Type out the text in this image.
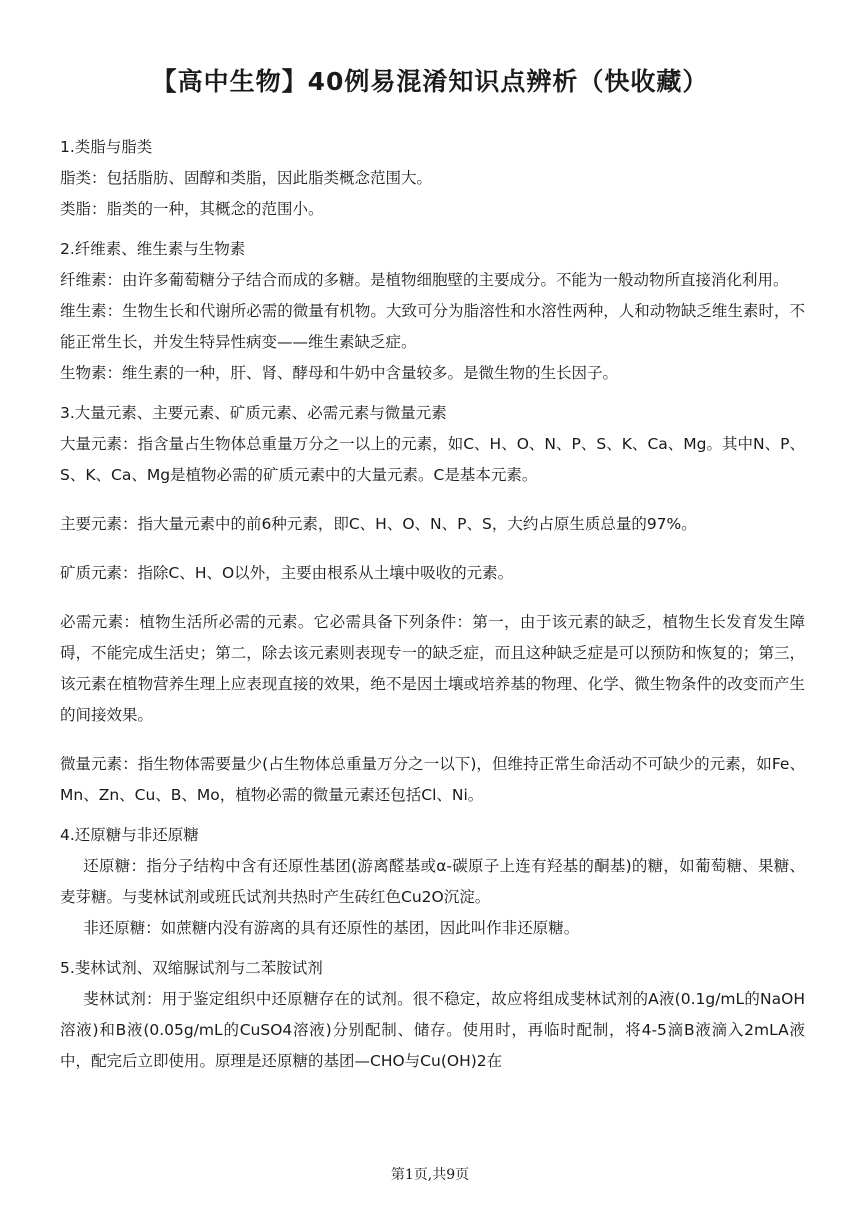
【高中生物】40例易混淆知识点辨析（快收藏）

1.类脂与脂类

脂类：包括脂肪、固醇和类脂，因此脂类概念范围大。

类脂：脂类的一种，其概念的范围小。

2.纤维素、维生素与生物素

纤维素：由许多葡萄糖分子结合而成的多糖。是植物细胞壁的主要成分。不能为一般动物所直接消化利用。

维生素：生物生长和代谢所必需的微量有机物。大致可分为脂溶性和水溶性两种，人和动物缺乏维生素时，不能正常生长，并发生特异性病变——维生素缺乏症。

生物素：维生素的一种，肝、肾、酵母和牛奶中含量较多。是微生物的生长因子。

3.大量元素、主要元素、矿质元素、必需元素与微量元素

大量元素：指含量占生物体总重量万分之一以上的元素，如C、H、O、N、P、S、K、Ca、Mg。其中N、P、S、K、Ca、Mg是植物必需的矿质元素中的大量元素。C是基本元素。

主要元素：指大量元素中的前6种元素，即C、H、O、N、P、S，大约占原生质总量的97%。

矿质元素：指除C、H、O以外，主要由根系从土壤中吸收的元素。

必需元素：植物生活所必需的元素。它必需具备下列条件：第一，由于该元素的缺乏，植物生长发育发生障碍，不能完成生活史；第二，除去该元素则表现专一的缺乏症，而且这种缺乏症是可以预防和恢复的；第三，该元素在植物营养生理上应表现直接的效果，绝不是因土壤或培养基的物理、化学、微生物条件的改变而产生的间接效果。

微量元素：指生物体需要量少(占生物体总重量万分之一以下)，但维持正常生命活动不可缺少的元素，如Fe、Mn、Zn、Cu、B、Mo，植物必需的微量元素还包括Cl、Ni。

4.还原糖与非还原糖

还原糖：指分子结构中含有还原性基团(游离醛基或α-碳原子上连有羟基的酮基)的糖，如葡萄糖、果糖、麦芽糖。与斐林试剂或班氏试剂共热时产生砖红色Cu2O沉淀。

非还原糖：如蔗糖内没有游离的具有还原性的基团，因此叫作非还原糖。

5.斐林试剂、双缩脲试剂与二苯胺试剂

斐林试剂：用于鉴定组织中还原糖存在的试剂。很不稳定，故应将组成斐林试剂的A液(0.1g/mL的NaOH溶液)和B液(0.05g/mL的CuSO4溶液)分别配制、储存。使用时，再临时配制，将4-5滴B液滴入2mLA液中，配完后立即使用。原理是还原糖的基团—CHO与Cu(OH)2在

第1页,共9页
